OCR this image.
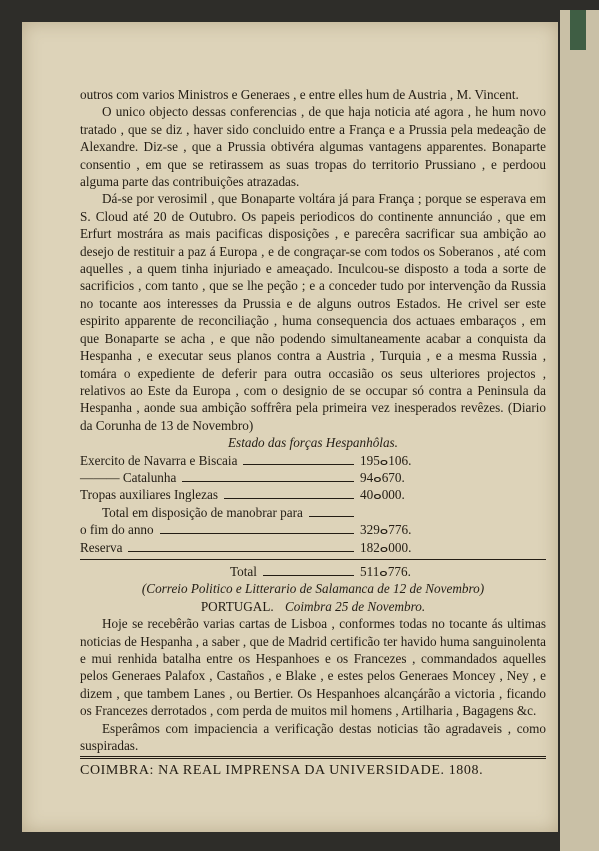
outros com varios Ministros e Generaes , e entre elles hum de Austria , M. Vincent.

O unico objecto dessas conferencias , de que haja noticia até agora , he hum novo tratado , que se diz , haver sido concluido entre a França e a Prussia pela medeação de Alexandre. Diz-se , que a Prussia obtivéra algumas vantagens apparentes. Bonaparte consentio , em que se retirassem as suas tropas do territorio Prussiano , e perdoou alguma parte das contribuições atrazadas.

Dá-se por verosimil , que Bonaparte voltára já para França ; porque se esperava em S. Cloud até 20 de Outubro. Os papeis periodicos do continente annunciáo , que em Erfurt mostrára as mais pacificas disposições , e parecêra sacrificar sua ambição ao desejo de restituir a paz á Europa , e de congraçar-se com todos os Soberanos , até com aquelles , a quem tinha injuriado e ameaçado. Inculcou-se disposto a toda a sorte de sacrificios , com tanto , que se lhe peção ; e a conceder tudo por intervenção da Russia no tocante aos interesses da Prussia e de alguns outros Estados. He crivel ser este espirito apparente de reconciliação , huma consequencia dos actuaes embaraços , em que Bonaparte se acha , e que não podendo simultaneamente acabar a conquista da Hespanha , e executar seus planos contra a Austria , Turquia , e a mesma Russia , tomára o expediente de deferir para outra occasião os seus ulteriores projectos , relativos ao Este da Europa , com o designio de se occupar só contra a Peninsula da Hespanha , aonde sua ambição soffrêra pela primeira vez inesperados revêzes. (Diario da Corunha de 13 de Novembro)

Estado das forças Hespanhôlas.
Exercito de Navarra e Biscaia	195ⴰ106.
——— Catalunha	94ⴰ670.
Tropas auxiliares Inglezas	40ⴰ000.
Total em disposição de manobrar para
o fim do anno	329ⴰ776.
Reserva	182ⴰ000.
Total	511ⴰ776.
(Correio Politico e Litterario de Salamanca de 12 de Novembro)
PORTUGAL. Coimbra 25 de Novembro.

Hoje se recebêrão varias cartas de Lisboa , conformes todas no tocante ás ultimas noticias de Hespanha , a saber , que de Madrid certificão ter havido huma sanguinolenta e mui renhida batalha entre os Hespanhoes e os Francezes , commandados aquelles pelos Generaes Palafox , Castaños , e Blake , e estes pelos Generaes Moncey , Ney , e dizem , que tambem Lanes , ou Bertier. Os Hespanhoes alcançárão a victoria , ficando os Francezes derrotados , com perda de muitos mil homens , Artilharia , Bagagens &c.

Esperâmos com impaciencia a verificação destas noticias tão agradaveis , como suspiradas.

COIMBRA: NA REAL IMPRENSA DA UNIVERSIDADE. 1808.
